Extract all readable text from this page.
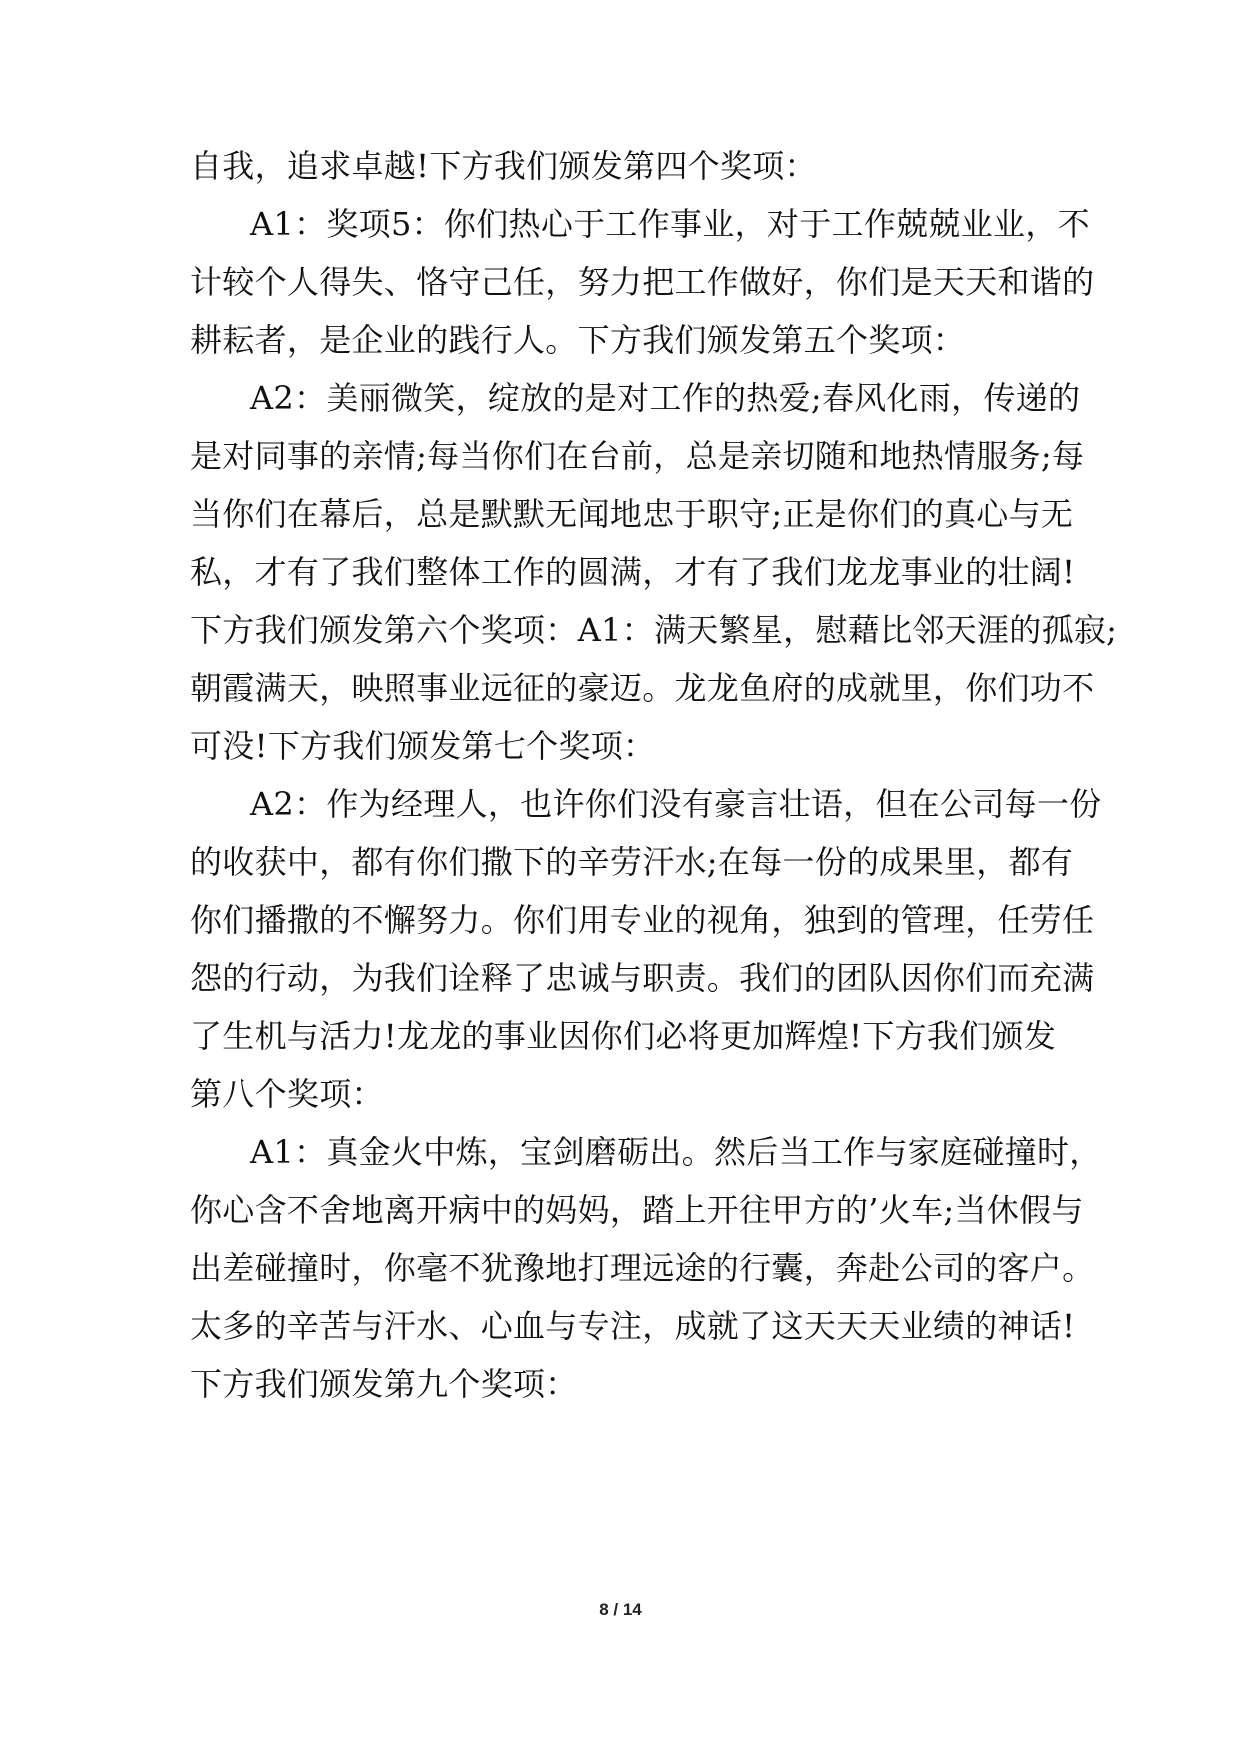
自我，追求卓越!下方我们颁发第四个奖项：
A1：奖项5：你们热心于工作事业，对于工作兢兢业业，不
计较个人得失、恪守己任，努力把工作做好，你们是天天和谐的
耕耘者，是企业的践行人。下方我们颁发第五个奖项：
A2：美丽微笑，绽放的是对工作的热爱;春风化雨，传递的
是对同事的亲情;每当你们在台前，总是亲切随和地热情服务;每
当你们在幕后，总是默默无闻地忠于职守;正是你们的真心与无
私，才有了我们整体工作的圆满，才有了我们龙龙事业的壮阔!
下方我们颁发第六个奖项：A1：满天繁星，慰藉比邻天涯的孤寂;
朝霞满天，映照事业远征的豪迈。龙龙鱼府的成就里，你们功不
可没!下方我们颁发第七个奖项：
A2：作为经理人，也许你们没有豪言壮语，但在公司每一份
的收获中，都有你们撒下的辛劳汗水;在每一份的成果里，都有
你们播撒的不懈努力。你们用专业的视角，独到的管理，任劳任
怨的行动，为我们诠释了忠诚与职责。我们的团队因你们而充满
了生机与活力!龙龙的事业因你们必将更加辉煌!下方我们颁发
第八个奖项：
A1：真金火中炼，宝剑磨砺出。然后当工作与家庭碰撞时，
你心含不舍地离开病中的妈妈，踏上开往甲方的’火车;当休假与
出差碰撞时，你毫不犹豫地打理远途的行囊，奔赴公司的客户。
太多的辛苦与汗水、心血与专注，成就了这天天天业绩的神话!
下方我们颁发第九个奖项：
8 / 14
